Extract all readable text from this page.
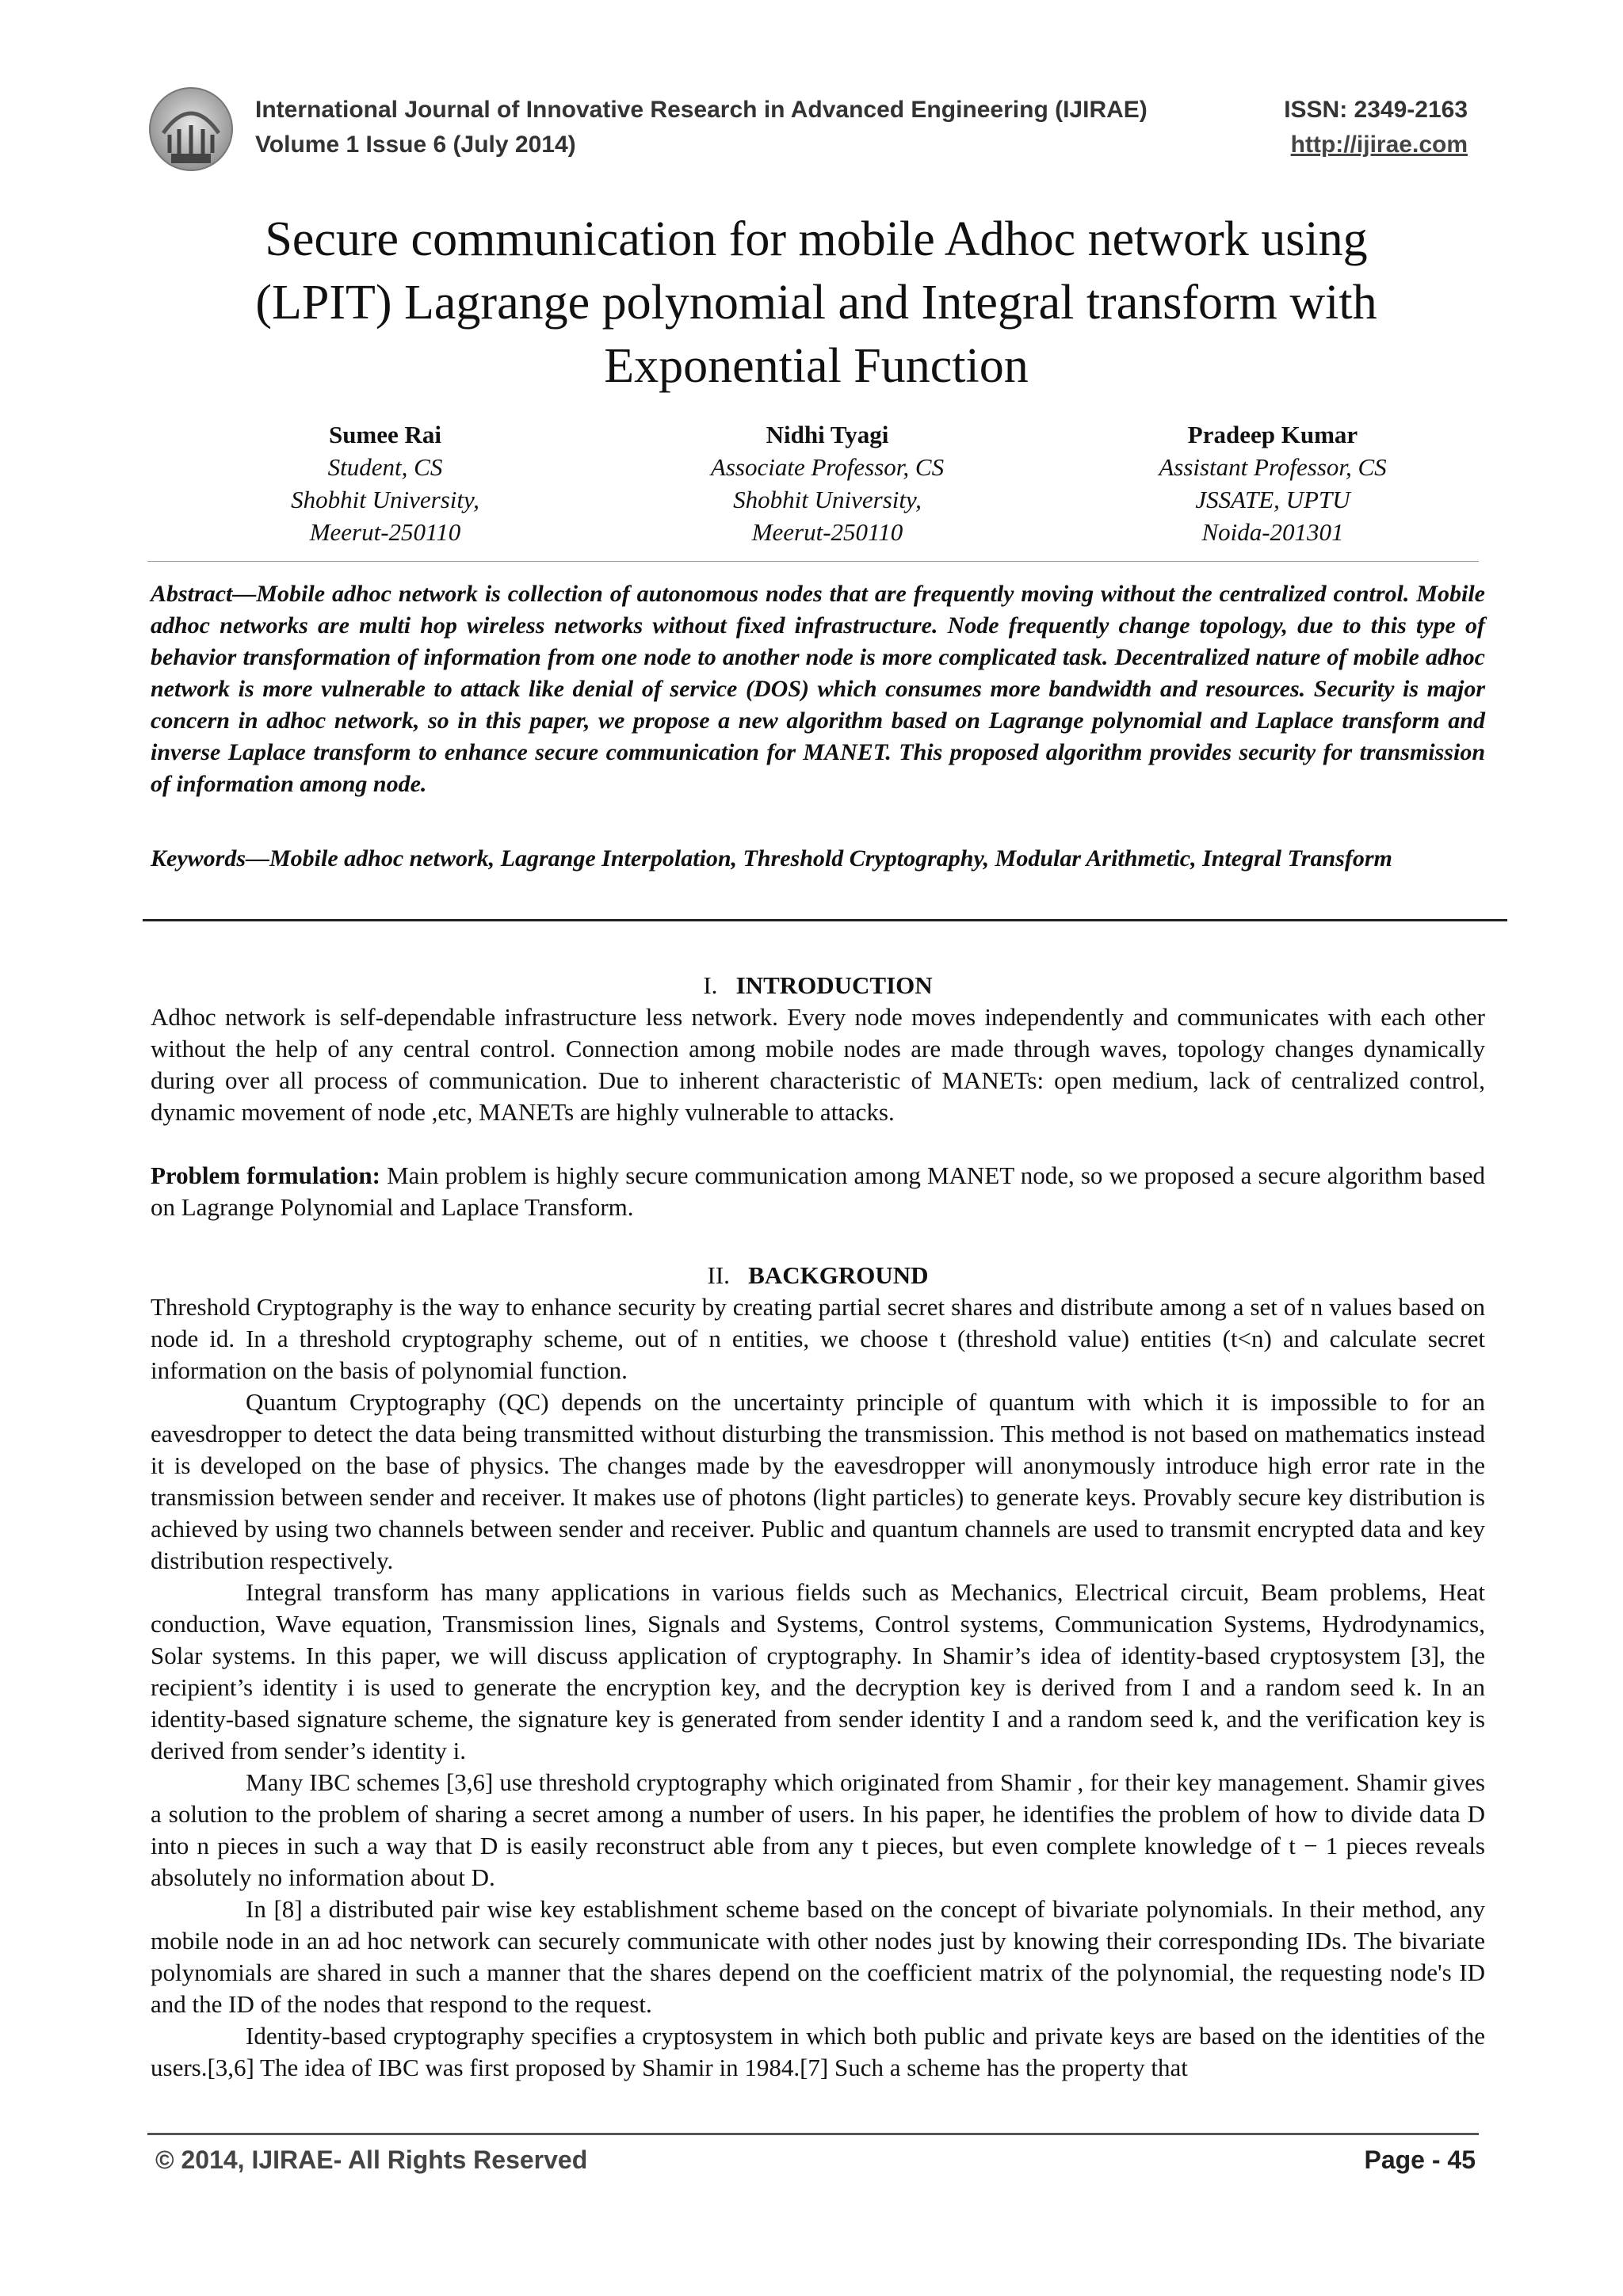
International Journal of Innovative Research in Advanced Engineering (IJIRAE)
Volume 1 Issue 6 (July 2014)
ISSN: 2349-2163
http://ijirae.com
Secure communication for mobile Adhoc network using
(LPIT) Lagrange polynomial and Integral transform with
Exponential Function
Sumee Rai
Student, CS
Shobhit University,
Meerut-250110
Nidhi Tyagi
Associate Professor, CS
Shobhit University,
Meerut-250110
Pradeep Kumar
Assistant Professor, CS
JSSATE, UPTU
Noida-201301

Abstract—Mobile adhoc network is collection of autonomous nodes that are frequently moving without the centralized control. Mobile adhoc networks are multi hop wireless networks without fixed infrastructure. Node frequently change topology, due to this type of behavior transformation of information from one node to another node is more complicated task. Decentralized nature of mobile adhoc network is more vulnerable to attack like denial of service (DOS) which consumes more bandwidth and resources. Security is major concern in adhoc network, so in this paper, we propose a new algorithm based on Lagrange polynomial and Laplace transform and inverse Laplace transform to enhance secure communication for MANET. This proposed algorithm provides security for transmission of information among node.

Keywords—Mobile adhoc network, Lagrange Interpolation, Threshold Cryptography, Modular Arithmetic, Integral Transform

I. INTRODUCTION

Adhoc network is self-dependable infrastructure less network. Every node moves independently and communicates with each other without the help of any central control. Connection among mobile nodes are made through waves, topology changes dynamically during over all process of communication. Due to inherent characteristic of MANETs: open medium, lack of centralized control, dynamic movement of node ,etc, MANETs are highly vulnerable to attacks.

Problem formulation: Main problem is highly secure communication among MANET node, so we proposed a secure algorithm based on Lagrange Polynomial and Laplace Transform.

II. BACKGROUND

Threshold Cryptography is the way to enhance security by creating partial secret shares and distribute among a set of n values based on node id. In a threshold cryptography scheme, out of n entities, we choose t (threshold value) entities (t<n) and calculate secret information on the basis of polynomial function.

Quantum Cryptography (QC) depends on the uncertainty principle of quantum with which it is impossible to for an eavesdropper to detect the data being transmitted without disturbing the transmission. This method is not based on mathematics instead it is developed on the base of physics. The changes made by the eavesdropper will anonymously introduce high error rate in the transmission between sender and receiver. It makes use of photons (light particles) to generate keys. Provably secure key distribution is achieved by using two channels between sender and receiver. Public and quantum channels are used to transmit encrypted data and key distribution respectively.

Integral transform has many applications in various fields such as Mechanics, Electrical circuit, Beam problems, Heat conduction, Wave equation, Transmission lines, Signals and Systems, Control systems, Communication Systems, Hydrodynamics, Solar systems. In this paper, we will discuss application of cryptography. In Shamir’s idea of identity-based cryptosystem [3], the recipient’s identity i is used to generate the encryption key, and the decryption key is derived from I and a random seed k. In an identity-based signature scheme, the signature key is generated from sender identity I and a random seed k, and the verification key is derived from sender’s identity i.

Many IBC schemes [3,6] use threshold cryptography which originated from Shamir , for their key management. Shamir gives a solution to the problem of sharing a secret among a number of users. In his paper, he identifies the problem of how to divide data D into n pieces in such a way that D is easily reconstruct able from any t pieces, but even complete knowledge of t − 1 pieces reveals absolutely no information about D.

In [8] a distributed pair wise key establishment scheme based on the concept of bivariate polynomials. In their method, any mobile node in an ad hoc network can securely communicate with other nodes just by knowing their corresponding IDs. The bivariate polynomials are shared in such a manner that the shares depend on the coefficient matrix of the polynomial, the requesting node's ID and the ID of the nodes that respond to the request.

Identity-based cryptography specifies a cryptosystem in which both public and private keys are based on the identities of the users.[3,6] The idea of IBC was first proposed by Shamir in 1984.[7] Such a scheme has the property that

© 2014, IJIRAE- All Rights Reserved	Page - 45
